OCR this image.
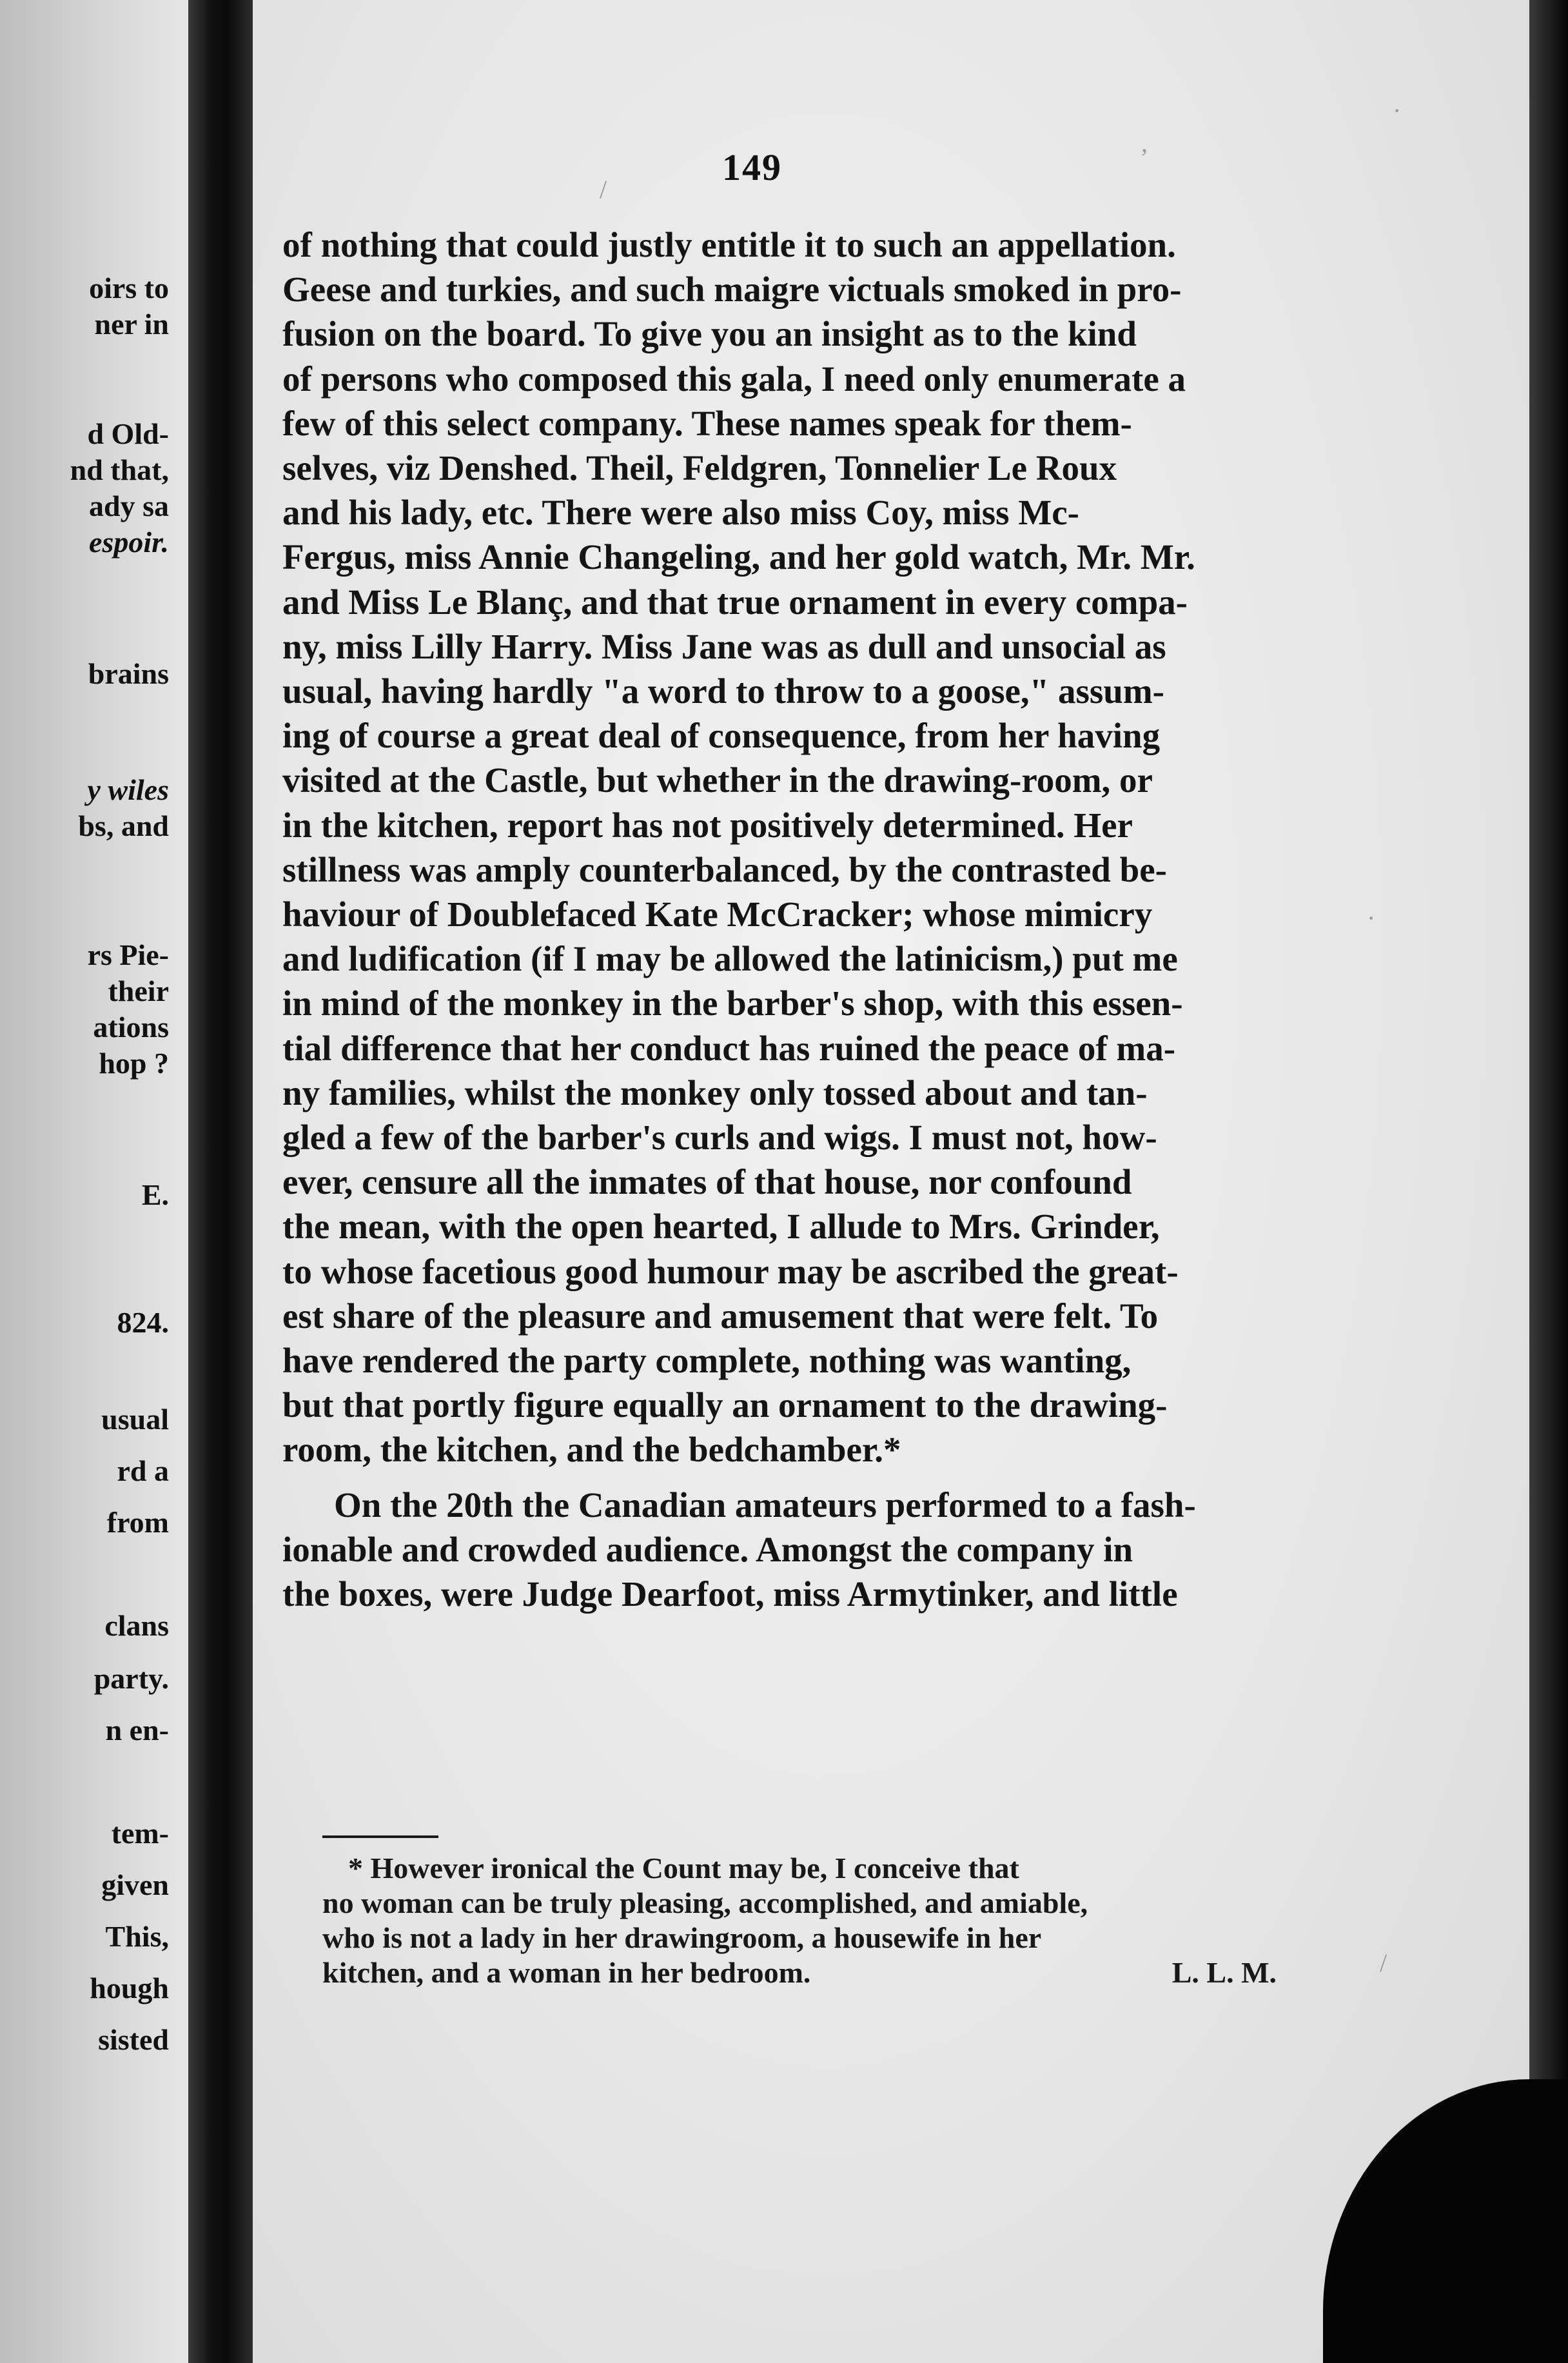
oirs to
ner in
d Old-
nd that,
ady sa
espoir.
brains
y wiles
bs, and
rs Pie-
their
ations
hop ?
E.
824.
usual
rd a
from
clans
party.
n en-
tem-
given
This,
hough
sisted
149
of nothing that could justly entitle it to such an appellation.
Geese and turkies, and such maigre victuals smoked in pro-
fusion on the board. To give you an insight as to the kind
of persons who composed this gala, I need only enumerate a
few of this select company. These names speak for them-
selves, viz Denshed. Theil, Feldgren, Tonnelier Le Roux
and his lady, etc. There were also miss Coy, miss Mc-
Fergus, miss Annie Changeling, and her gold watch, Mr. Mr.
and Miss Le Blanç, and that true ornament in every compa-
ny, miss Lilly Harry. Miss Jane was as dull and unsocial as
usual, having hardly "a word to throw to a goose," assum-
ing of course a great deal of consequence, from her having
visited at the Castle, but whether in the drawing-room, or
in the kitchen, report has not positively determined. Her
stillness was amply counterbalanced, by the contrasted be-
haviour of Doublefaced Kate McCracker; whose mimicry
and ludification (if I may be allowed the latinicism,) put me
in mind of the monkey in the barber's shop, with this essen-
tial difference that her conduct has ruined the peace of ma-
ny families, whilst the monkey only tossed about and tan-
gled a few of the barber's curls and wigs. I must not, how-
ever, censure all the inmates of that house, nor confound
the mean, with the open hearted, I allude to Mrs. Grinder,
to whose facetious good humour may be ascribed the great-
est share of the pleasure and amusement that were felt. To
have rendered the party complete, nothing was wanting,
but that portly figure equally an ornament to the drawing-
room, the kitchen, and the bedchamber.*
On the 20th the Canadian amateurs performed to a fash-
ionable and crowded audience. Amongst the company in
the boxes, were Judge Dearfoot, miss Armytinker, and little
* However ironical the Count may be, I conceive that
no woman can be truly pleasing, accomplished, and amiable,
who is not a lady in her drawingroom, a housewife in her
kitchen, and a woman in her bedroom.	L. L. M.
,
·
/
·
/
